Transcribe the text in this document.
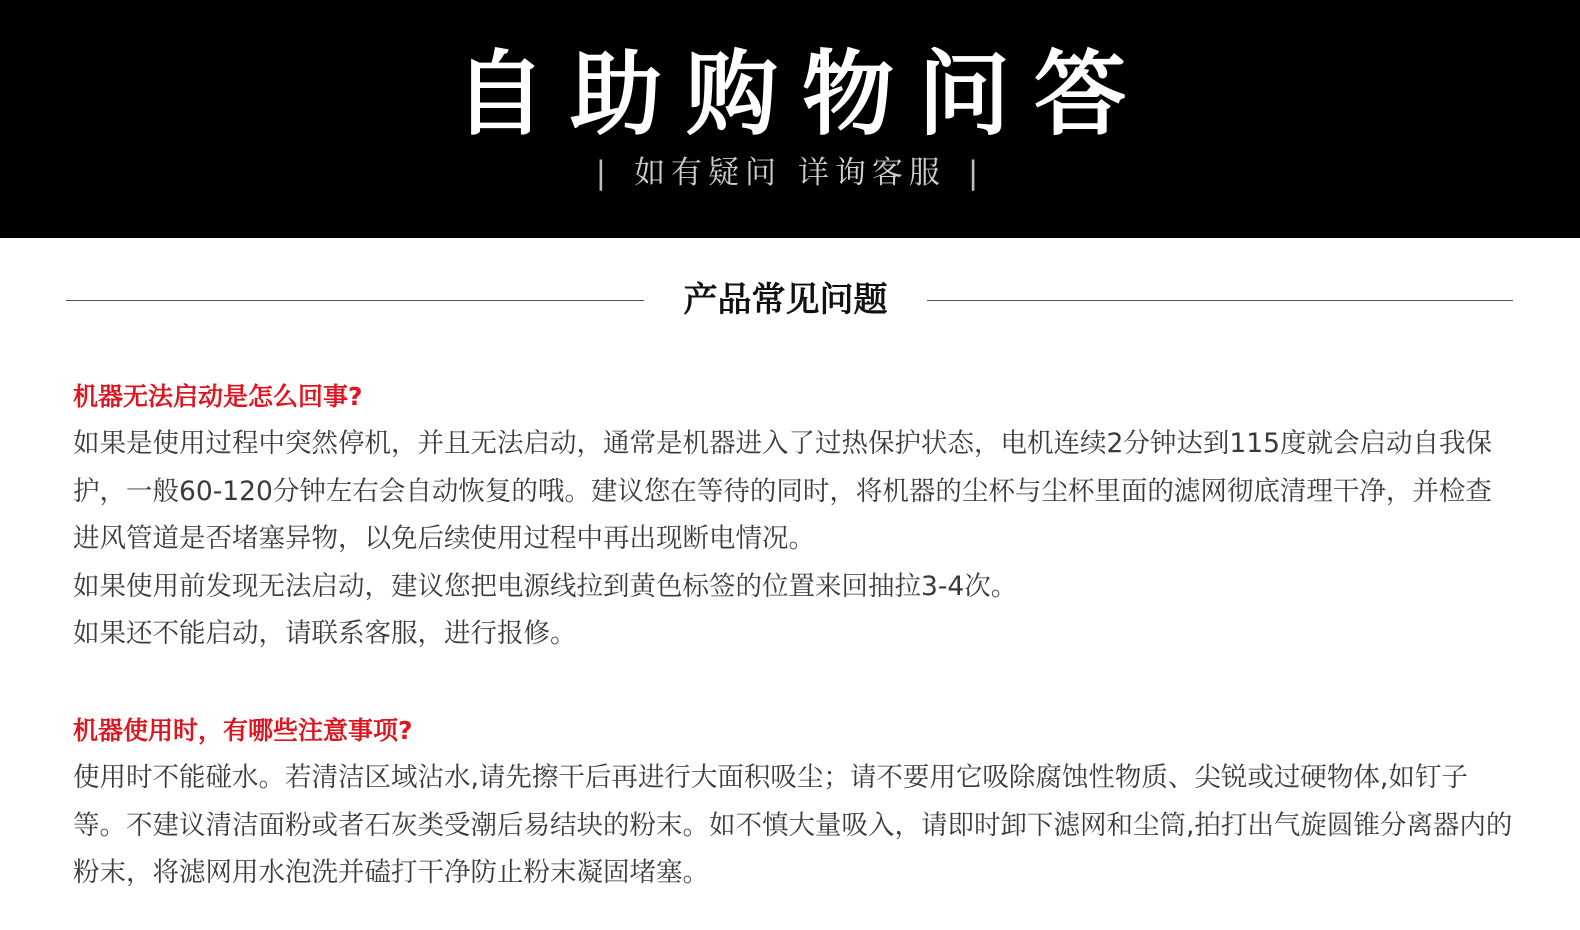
自助购物问答
| 如有疑问 详询客服 |
产品常见问题
机器无法启动是怎么回事?

如果是使用过程中突然停机，并且无法启动，通常是机器进入了过热保护状态，电机连续2分钟达到115度就会启动自我保护，一般60-120分钟左右会自动恢复的哦。建议您在等待的同时，将机器的尘杯与尘杯里面的滤网彻底清理干净，并检查进风管道是否堵塞异物，以免后续使用过程中再出现断电情况。

如果使用前发现无法启动，建议您把电源线拉到黄色标签的位置来回抽拉3-4次。

如果还不能启动，请联系客服，进行报修。

机器使用时，有哪些注意事项?

使用时不能碰水。若清洁区域沾水,请先擦干后再进行大面积吸尘；请不要用它吸除腐蚀性物质、尖锐或过硬物体,如钉子等。不建议清洁面粉或者石灰类受潮后易结块的粉末。如不慎大量吸入，请即时卸下滤网和尘筒,拍打出气旋圆锥分离器内的粉末，将滤网用水泡洗并磕打干净防止粉末凝固堵塞。
